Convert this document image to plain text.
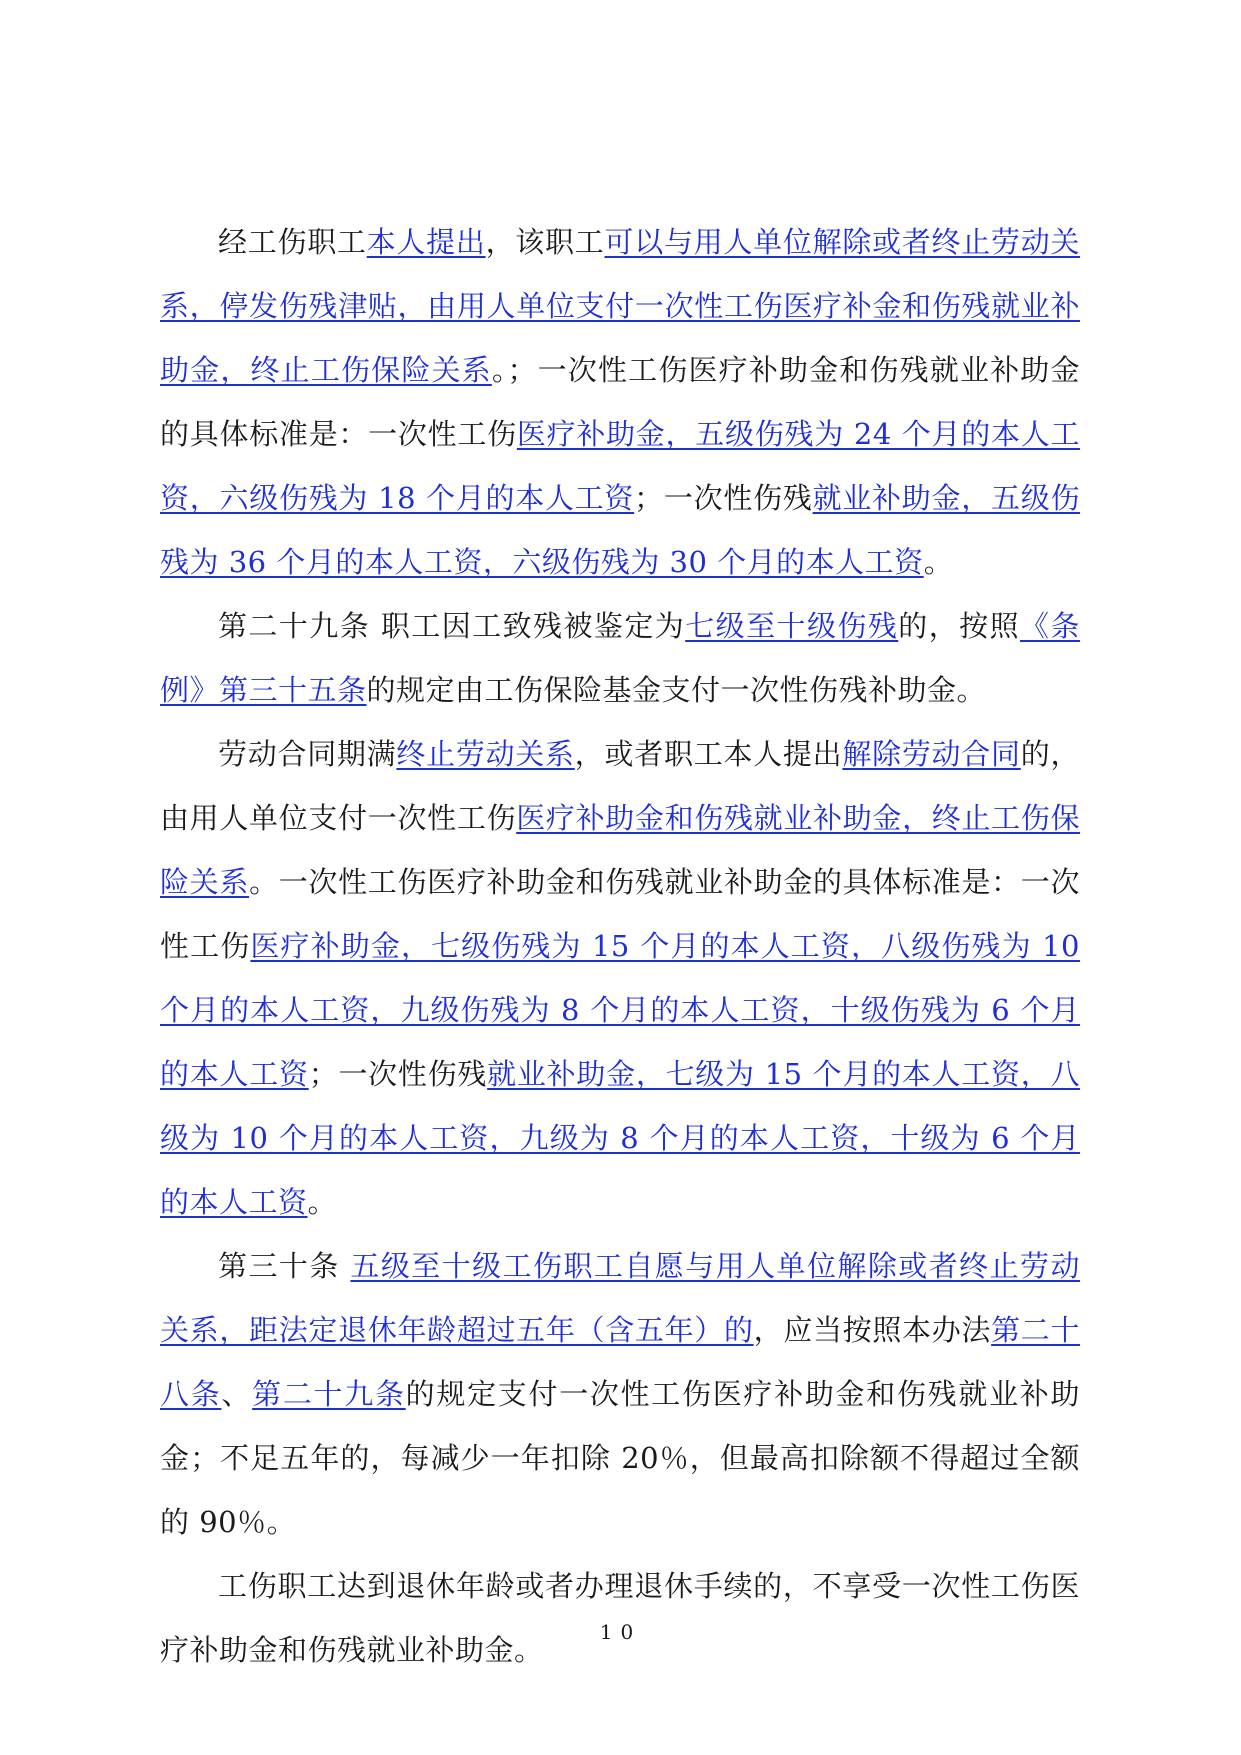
经工伤职工本人提出，该职工可以与用人单位解除或者终止劳动关系，停发伤残津贴，由用人单位支付一次性工伤医疗补金和伤残就业补助金，终止工伤保险关系。；一次性工伤医疗补助金和伤残就业补助金的具体标准是：一次性工伤医疗补助金，五级伤残为 24 个月的本人工资，六级伤残为 18 个月的本人工资；一次性伤残就业补助金，五级伤残为 36 个月的本人工资，六级伤残为 30 个月的本人工资。

第二十九条 职工因工致残被鉴定为七级至十级伤残的，按照《条例》第三十五条的规定由工伤保险基金支付一次性伤残补助金。

劳动合同期满终止劳动关系，或者职工本人提出解除劳动合同的，由用人单位支付一次性工伤医疗补助金和伤残就业补助金，终止工伤保险关系。一次性工伤医疗补助金和伤残就业补助金的具体标准是：一次性工伤医疗补助金，七级伤残为 15 个月的本人工资，八级伤残为 10 个月的本人工资，九级伤残为 8 个月的本人工资，十级伤残为 6 个月的本人工资；一次性伤残就业补助金，七级为 15 个月的本人工资，八级为 10 个月的本人工资，九级为 8 个月的本人工资，十级为 6 个月的本人工资。

第三十条 五级至十级工伤职工自愿与用人单位解除或者终止劳动关系，距法定退休年龄超过五年（含五年）的，应当按照本办法第二十八条、第二十九条的规定支付一次性工伤医疗补助金和伤残就业补助金；不足五年的，每减少一年扣除 20％，但最高扣除额不得超过全额的 90％。

工伤职工达到退休年龄或者办理退休手续的，不享受一次性工伤医疗补助金和伤残就业补助金。

10
